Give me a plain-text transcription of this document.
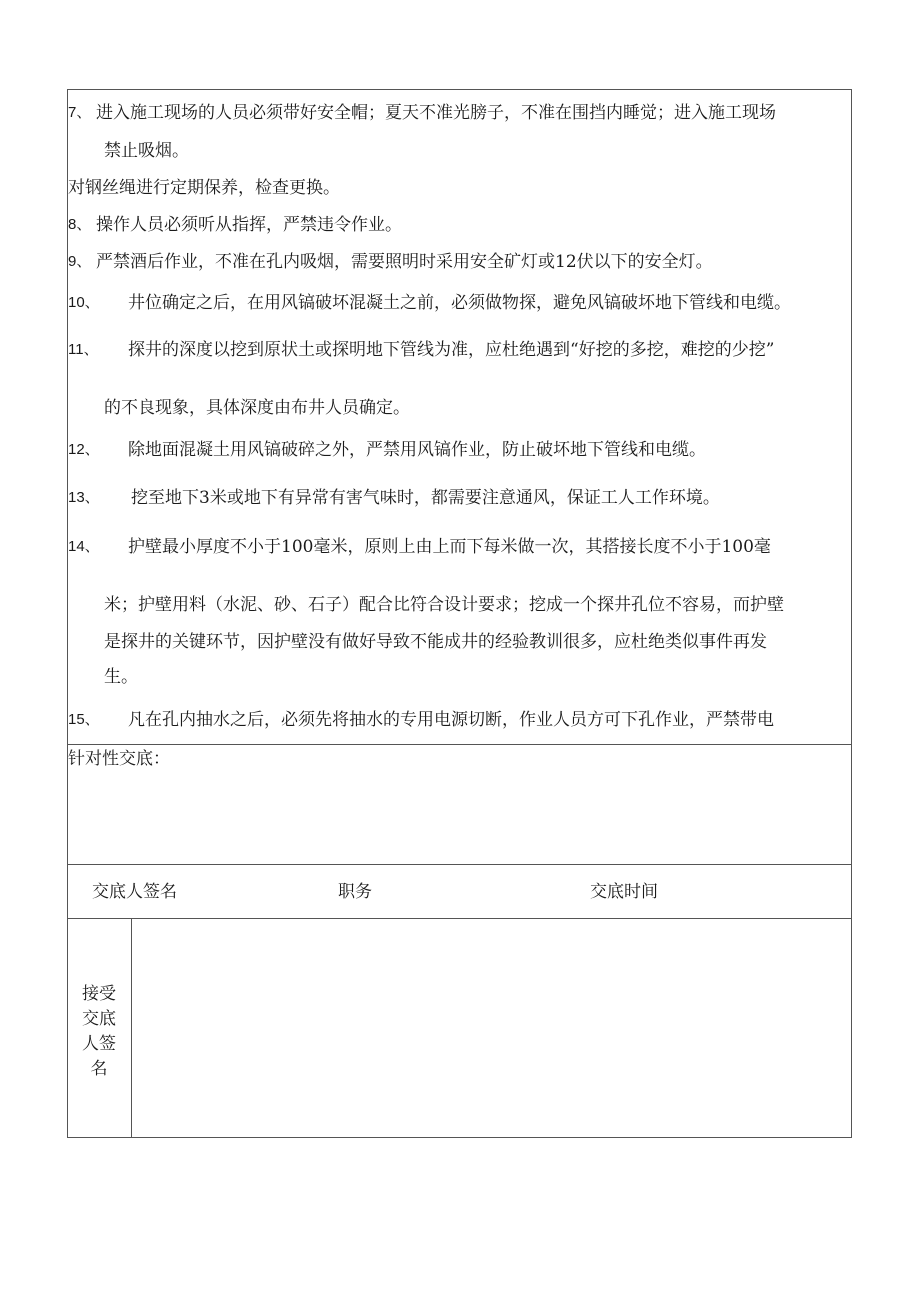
7、 进入施工现场的人员必须带好安全帽；夏天不准光膀子，不准在围挡内睡觉；进入施工现场
禁止吸烟。
对钢丝绳进行定期保养，检查更换。
8、 操作人员必须听从指挥，严禁违令作业。
9、 严禁酒后作业，不准在孔内吸烟，需要照明时采用安全矿灯或12伏以下的安全灯。
10、 井位确定之后，在用风镐破坏混凝土之前，必须做物探，避免风镐破坏地下管线和电缆。
11、 探井的深度以挖到原状土或探明地下管线为准，应杜绝遇到“好挖的多挖，难挖的少挖”
的不良现象，具体深度由布井人员确定。
12、 除地面混凝土用风镐破碎之外，严禁用风镐作业，防止破坏地下管线和电缆。
13、 挖至地下3米或地下有异常有害气味时，都需要注意通风，保证工人工作环境。
14、 护壁最小厚度不小于100毫米，原则上由上而下每米做一次，其搭接长度不小于100毫
米；护壁用料（水泥、砂、石子）配合比符合设计要求；挖成一个探井孔位不容易，而护壁
是探井的关键环节，因护壁没有做好导致不能成井的经验教训很多，应杜绝类似事件再发
生。
15、 凡在孔内抽水之后，必须先将抽水的专用电源切断，作业人员方可下孔作业，严禁带电
针对性交底：
交底人签名	职务	交底时间
接受交底人签名
